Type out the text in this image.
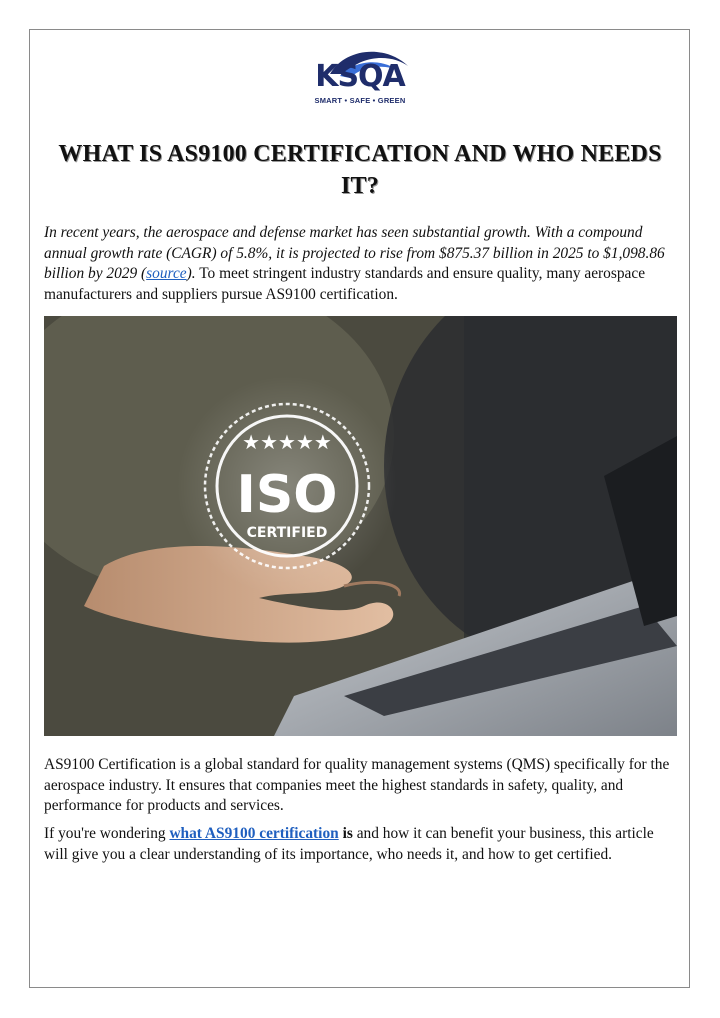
KSQA
SMART • SAFE • GREEN
WHAT IS AS9100 CERTIFICATION AND WHO NEEDS IT?
In recent years, the aerospace and defense market has seen substantial growth. With a compound annual growth rate (CAGR) of 5.8%, it is projected to rise from $875.37 billion in 2025 to $1,098.86 billion by 2029 (source). To meet stringent industry standards and ensure quality, many aerospace manufacturers and suppliers pursue AS9100 certification.
★★★★★
ISO
CERTIFIED
AS9100 Certification is a global standard for quality management systems (QMS) specifically for the aerospace industry. It ensures that companies meet the highest standards in safety, quality, and performance for products and services.
If you're wondering what AS9100 certification is and how it can benefit your business, this article will give you a clear understanding of its importance, who needs it, and how to get certified.
